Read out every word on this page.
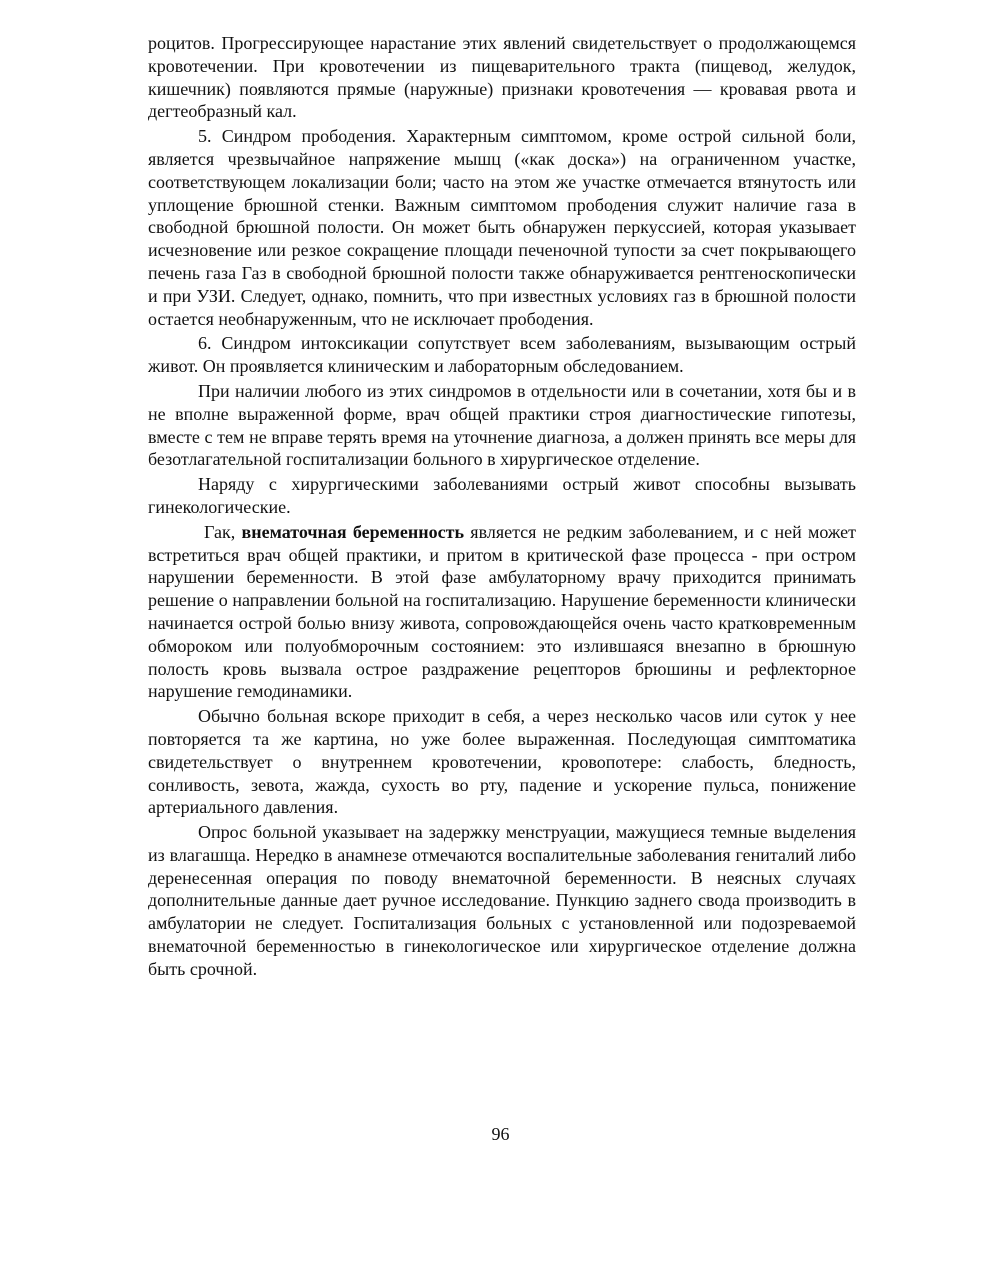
роцитов. Прогрессирующее нарастание этих явлений свидетельствует о продолжающемся кровотечении. При кровотечении из пищеварительного тракта (пищевод, желудок, кишечник) появляются прямые (наружные) признаки кровотечения — кровавая рвота и дегтеобразный кал.

5. Синдром прободения. Характерным симптомом, кроме острой сильной боли, является чрезвычайное напряжение мышц («как доска») на ограниченном участке, соответствующем локализации боли; часто на этом же участке отмечается втянутость или уплощение брюшной стенки. Важным симптомом прободения служит наличие газа в свободной брюшной полости. Он может быть обнаружен перкуссией, которая указывает исчезновение или резкое сокращение площади печеночной тупости за счет покрывающего печень газа Газ в свободной брюшной полости также обнаруживается рентгеноскопически и при УЗИ. Следует, однако, помнить, что при известных условиях газ в брюшной полости остается необнаруженным, что не исключает прободения.

6. Синдром интоксикации сопутствует всем заболеваниям, вызывающим острый живот. Он проявляется клиническим и лабораторным обследованием.

При наличии любого из этих синдромов в отдельности или в сочетании, хотя бы и в не вполне выраженной форме, врач общей практики строя диагностические гипотезы, вместе с тем не вправе терять время на уточнение диагноза, а должен принять все меры для безотлагательной госпитализации больного в хирургическое отделение.

Наряду с хирургическими заболеваниями острый живот способны вызывать гинекологические.

Гак, внематочная беременность является не редким заболеванием, и с ней может встретиться врач общей практики, и притом в критической фазе процесса - при остром нарушении беременности. В этой фазе амбулаторному врачу приходится принимать решение о направлении больной на госпитализацию. Нарушение беременности клинически начинается острой болью внизу живота, сопровождающейся очень часто кратковременным обмороком или полуобморочным состоянием: это излившаяся внезапно в брюшную полость кровь вызвала острое раздражение рецепторов брюшины и рефлекторное нарушение гемодинамики.

Обычно больная вскоре приходит в себя, а через несколько часов или суток у нее повторяется та же картина, но уже более выраженная. Последующая симптоматика свидетельствует о внутреннем кровотечении, кровопотере: слабость, бледность, сонливость, зевота, жажда, сухость во рту, падение и ускорение пульса, понижение артериального давления.

Опрос больной указывает на задержку менструации, мажущиеся темные выделения из влагашща. Нередко в анамнезе отмечаются воспалительные заболевания гениталий либо деренесенная операция по поводу внематочной беременности. В неясных случаях дополнительные данные дает ручное исследование. Пункцию заднего свода производить в амбулатории не следует. Госпитализация больных с установленной или подозреваемой внематочной беременностью в гинекологическое или хирургическое отделение должна быть срочной.

96
